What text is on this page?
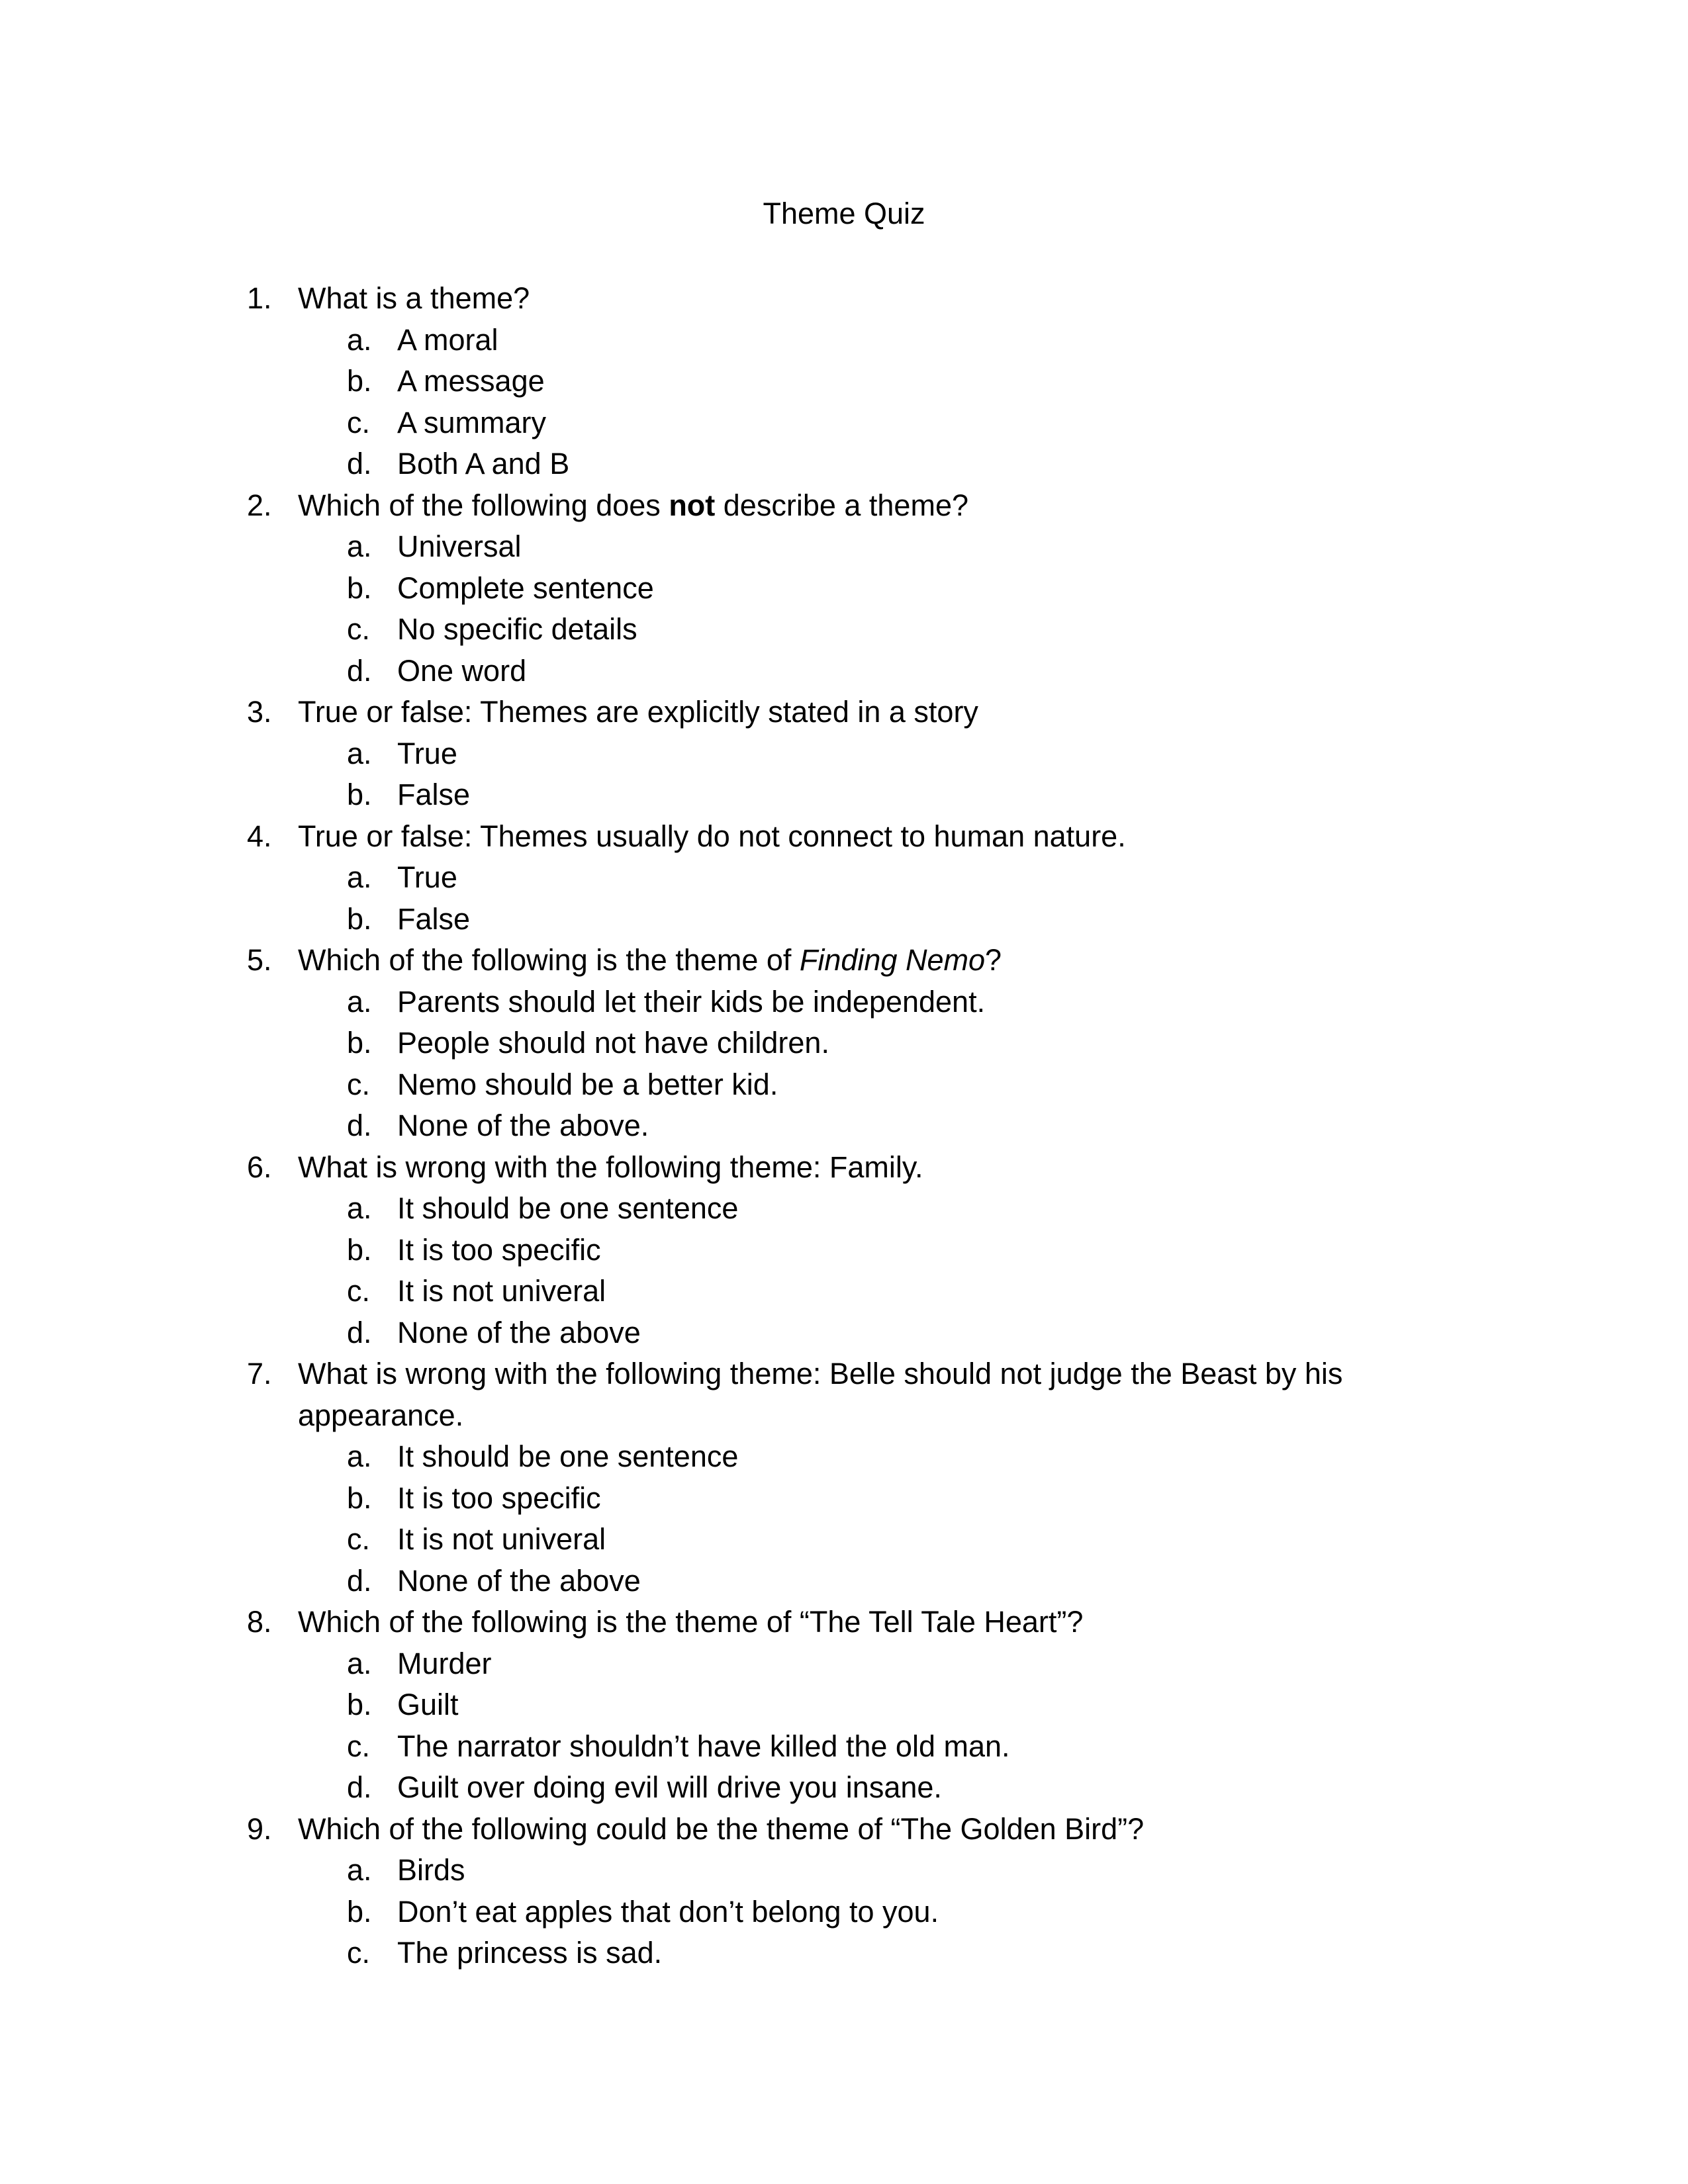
Theme Quiz
1. What is a theme?
a. A moral
b. A message
c. A summary
d. Both A and B
2. Which of the following does not describe a theme?
a. Universal
b. Complete sentence
c. No specific details
d. One word
3. True or false: Themes are explicitly stated in a story
a. True
b. False
4. True or false: Themes usually do not connect to human nature.
a. True
b. False
5. Which of the following is the theme of Finding Nemo?
a. Parents should let their kids be independent.
b. People should not have children.
c. Nemo should be a better kid.
d. None of the above.
6. What is wrong with the following theme: Family.
a. It should be one sentence
b. It is too specific
c. It is not univeral
d. None of the above
7. What is wrong with the following theme: Belle should not judge the Beast by his appearance.
a. It should be one sentence
b. It is too specific
c. It is not univeral
d. None of the above
8. Which of the following is the theme of “The Tell Tale Heart”?
a. Murder
b. Guilt
c. The narrator shouldn’t have killed the old man.
d. Guilt over doing evil will drive you insane.
9. Which of the following could be the theme of “The Golden Bird”?
a. Birds
b. Don’t eat apples that don’t belong to you.
c. The princess is sad.
